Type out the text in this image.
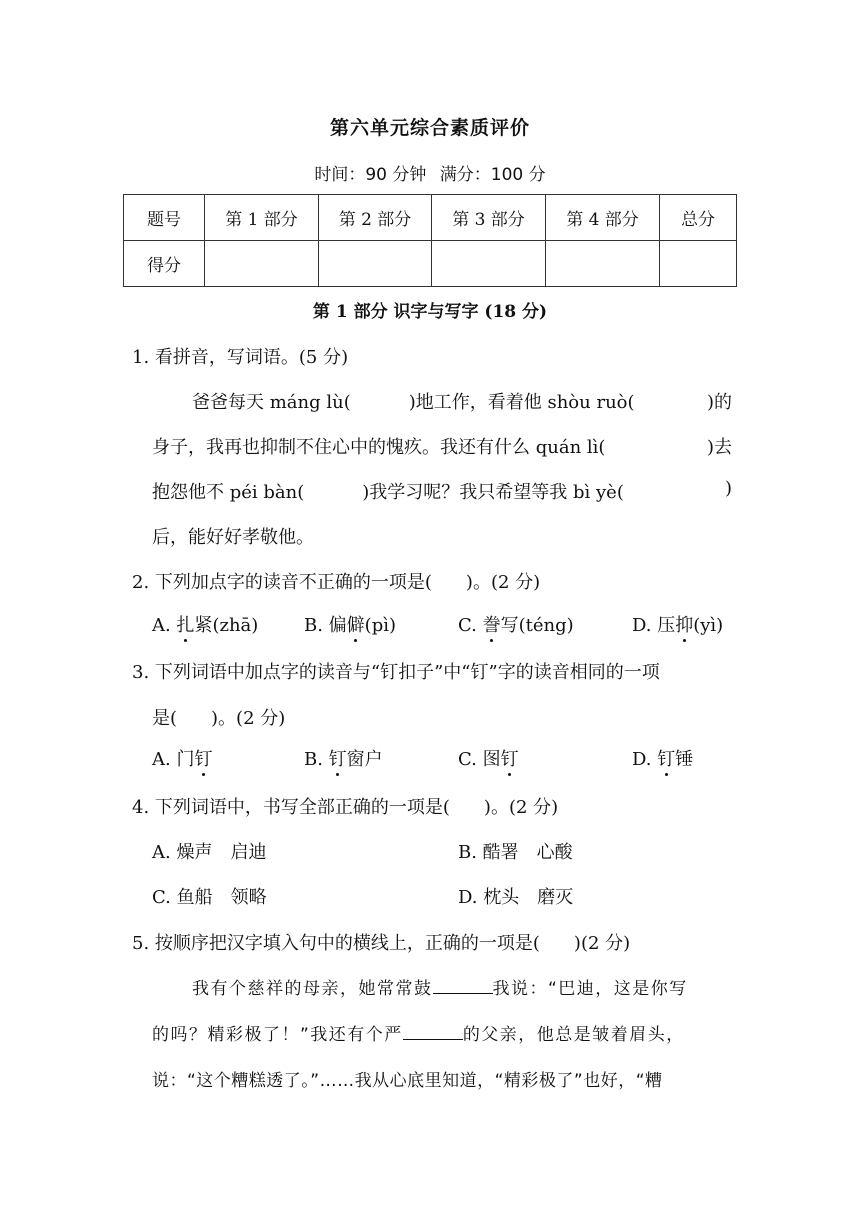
第六单元综合素质评价
时间：90 分钟 满分：100 分
题号	第 1 部分	第 2 部分	第 3 部分	第 4 部分	总分
得分					
第 1 部分 识字与写字 (18 分)
1. 看拼音，写词语。(5 分)
爸爸每天 máng lù(	)地工作，看着他 shòu ruò(	)的
身子，我再也抑制不住心中的愧疚。我还有什么 quán lì(	)去
抱怨他不 péi bàn(	)我学习呢？我只希望等我 bì yè(	)
后，能好好孝敬他。
2. 下列加点字的读音不正确的一项是( )。(2 分)
A. 扎紧(zhā)	B. 偏僻(pì)	C. 誊写(téng)	D. 压抑(yì)
3. 下列词语中加点字的读音与“钉扣子”中“钉”字的读音相同的一项
是( )。(2 分)
A. 门钉	B. 钉窗户	C. 图钉	D. 钉锤
4. 下列词语中，书写全部正确的一项是( )。(2 分)
A. 燥声　启迪	B. 酷署　心酸
C. 鱼船　领略	D. 枕头　磨灭
5. 按顺序把汉字填入句中的横线上，正确的一项是( )(2 分)
我有个慈祥的母亲，她常常鼓	我说：“巴迪，这是你写
的吗？精彩极了！”我还有个严	的父亲，他总是皱着眉头，
说：“这个糟糕透了。”……我从心底里知道，“精彩极了”也好，“糟
